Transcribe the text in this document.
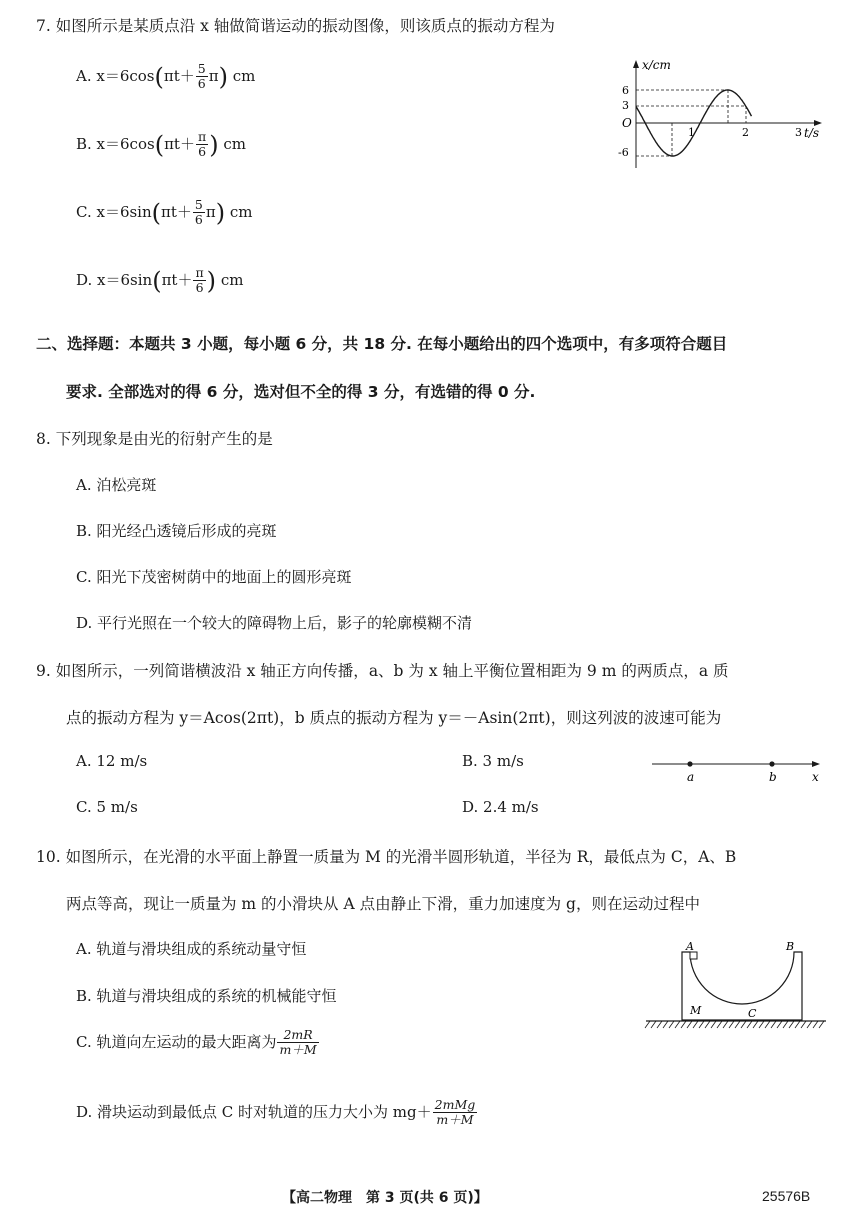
7. 如图所示是某质点沿 x 轴做简谐运动的振动图像，则该质点的振动方程为
A. $x=6\cos(\pi t+ \frac{5}{6} \pi)$ cm
B. $x=6\cos(\pi t+ \frac{\pi}{6}$ ) cm
C. $x=6\sin(\pi t+ \frac{5}{6} \pi)$ cm
D. $x=6\sin(\pi t+ \frac{\pi}{6}$ ) cm
x/cm
t/s
O
6
3
-6
1	2	3
二、选择题：本题共 3 小题，每小题 6 分，共 18 分. 在每小题给出的四个选项中，有多项符合题目
要求. 全部选对的得 6 分，选对但不全的得 3 分，有选错的得 0 分.
8. 下列现象是由光的衍射产生的是
A. 泊松亮斑
B. 阳光经凸透镜后形成的亮斑
C. 阳光下茂密树荫中的地面上的圆形亮斑
D. 平行光照在一个较大的障碍物上后，影子的轮廓模糊不清
9. 如图所示，一列简谐横波沿 x 轴正方向传播，a、b 为 x 轴上平衡位置相距为 9 m 的两质点，a 质
点的振动方程为 y＝Acos(2πt)，b 质点的振动方程为 y＝－Asin(2πt)，则这列波的波速可能为
A. 12 m/s	B. 3 m/s
C. 5 m/s	D. 2.4 m/s
a	b	x
10. 如图所示，在光滑的水平面上静置一质量为 M 的光滑半圆形轨道，半径为 R，最低点为 C，A、B
两点等高，现让一质量为 m 的小滑块从 A 点由静止下滑，重力加速度为 g，则在运动过程中
A. 轨道与滑块组成的系统动量守恒
B. 轨道与滑块组成的系统的机械能守恒
C. 轨道向左运动的最大距离为 $\frac{2mR}{m+M}$
D. 滑块运动到最低点 C 时对轨道的压力大小为 $mg+ \frac{\text{2mMg}}{m+M}$
A	B
M	C
【高二物理　第 3 页(共 6 页)】	25576B
